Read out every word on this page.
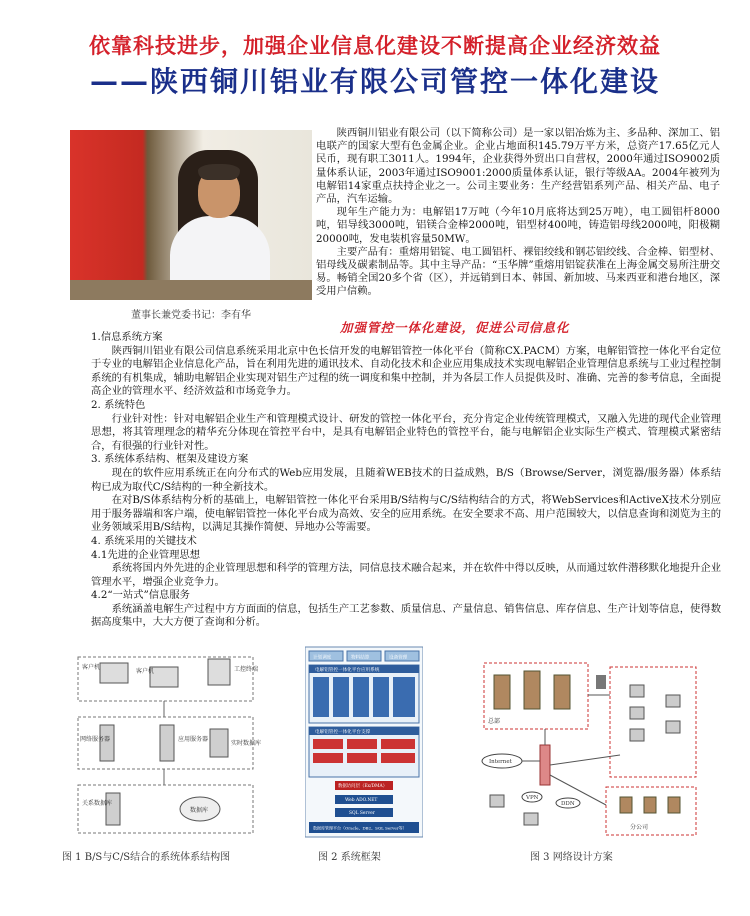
依靠科技进步，加强企业信息化建设不断提高企业经济效益
——陕西铜川铝业有限公司管控一体化建设
董事长兼党委书记：李有华

陕西铜川铝业有限公司（以下简称公司）是一家以铝冶炼为主、多品种、深加工、铝电联产的国家大型有色金属企业。企业占地面积145.79万平方米，总资产17.65亿元人民币，现有职工3011人。1994年，企业获得外贸出口自营权，2000年通过ISO9002质量体系认证，2003年通过ISO9001:2000质量体系认证，银行等级AA。2004年被列为电解铝14家重点扶持企业之一。公司主要业务：生产经营铝系列产品、相关产品、电子产品，汽车运输。

现年生产能力为：电解铝17万吨（今年10月底将达到25万吨），电工圆铝杆8000吨，铝导线3000吨，铝镁合金棒2000吨，铝型材400吨，铸造铝母线2000吨，阳极糊20000吨，发电装机容量50MW。

主要产品有：重熔用铝锭、电工圆铝杆、裸铝绞线和钢芯铝绞线、合金棒、铝型材、铝母线及碳素制品等。其中主导产品：“玉华牌”重熔用铝锭获准在上海金属交易所注册交易。畅销全国20多个省（区），并远销到日本、韩国、新加坡、马来西亚和港台地区，深受用户信赖。

加强管控一体化建设，促进公司信息化

1.信息系统方案

陕西铜川铝业有限公司信息系统采用北京中色长信开发的电解铝管控一体化平台（简称CX.PACM）方案，电解铝管控一体化平台定位于专业的电解铝企业信息化产品，旨在利用先进的通讯技术、自动化技术和企业应用集成技术实现电解铝企业管理信息系统与工业过程控制系统的有机集成，辅助电解铝企业实现对铝生产过程的统一调度和集中控制，并为各层工作人员提供及时、准确、完善的参考信息，全面提高企业的管理水平、经济效益和市场竞争力。

2. 系统特色

行业针对性：针对电解铝企业生产和管理模式设计、研发的管控一体化平台，充分肯定企业传统管理模式，又融入先进的现代企业管理思想，将其管理理念的精华充分体现在管控平台中，是具有电解铝企业特色的管控平台，能与电解铝企业实际生产模式、管理模式紧密结合，有很强的行业针对性。

3. 系统体系结构、框架及建设方案

现在的软件应用系统正在向分布式的Web应用发展，且随着WEB技术的日益成熟，B/S（Browse/Server，浏览器/服务器）体系结构已成为取代C/S结构的一种全新技术。

在对B/S体系结构分析的基础上，电解铝管控一体化平台采用B/S结构与C/S结构结合的方式，将WebServices和ActiveX技术分别应用于服务器端和客户端，使电解铝管控一体化平台成为高效、安全的应用系统。在安全要求不高、用户范围较大，以信息查询和浏览为主的业务领域采用B/S结构，以满足其操作简便、异地办公等需要。

4. 系统采用的关键技术

4.1先进的企业管理思想

系统将国内外先进的企业管理思想和科学的管理方法，同信息技术融合起来，并在软件中得以反映，从而通过软件潜移默化地提升企业管理水平，增强企业竞争力。

4.2“一站式”信息服务

系统涵盖电解生产过程中方方面面的信息，包括生产工艺参数、质量信息、产量信息、销售信息、库存信息、生产计划等信息，使得数据高度集中，大大方便了查询和分析。

客户机
客户机	工控终端
网络服务器	应用服务器
实时数据库
关系数据库
数据库
图 1 B/S与C/S结合的系统体系结构图
计划调度	物料结算	设备管理
电解铝管控一体化平台应用系统
电解铝管控一体化平台支撑
数据访问层（Ex/DMA）
Web ADO.NET
SQL Server
数据库管理平台（Oracle、DB2、SQL Server等）
图 2 系统框架
总部
Internet
DDN
VPN
分公司
图 3 网络设计方案
